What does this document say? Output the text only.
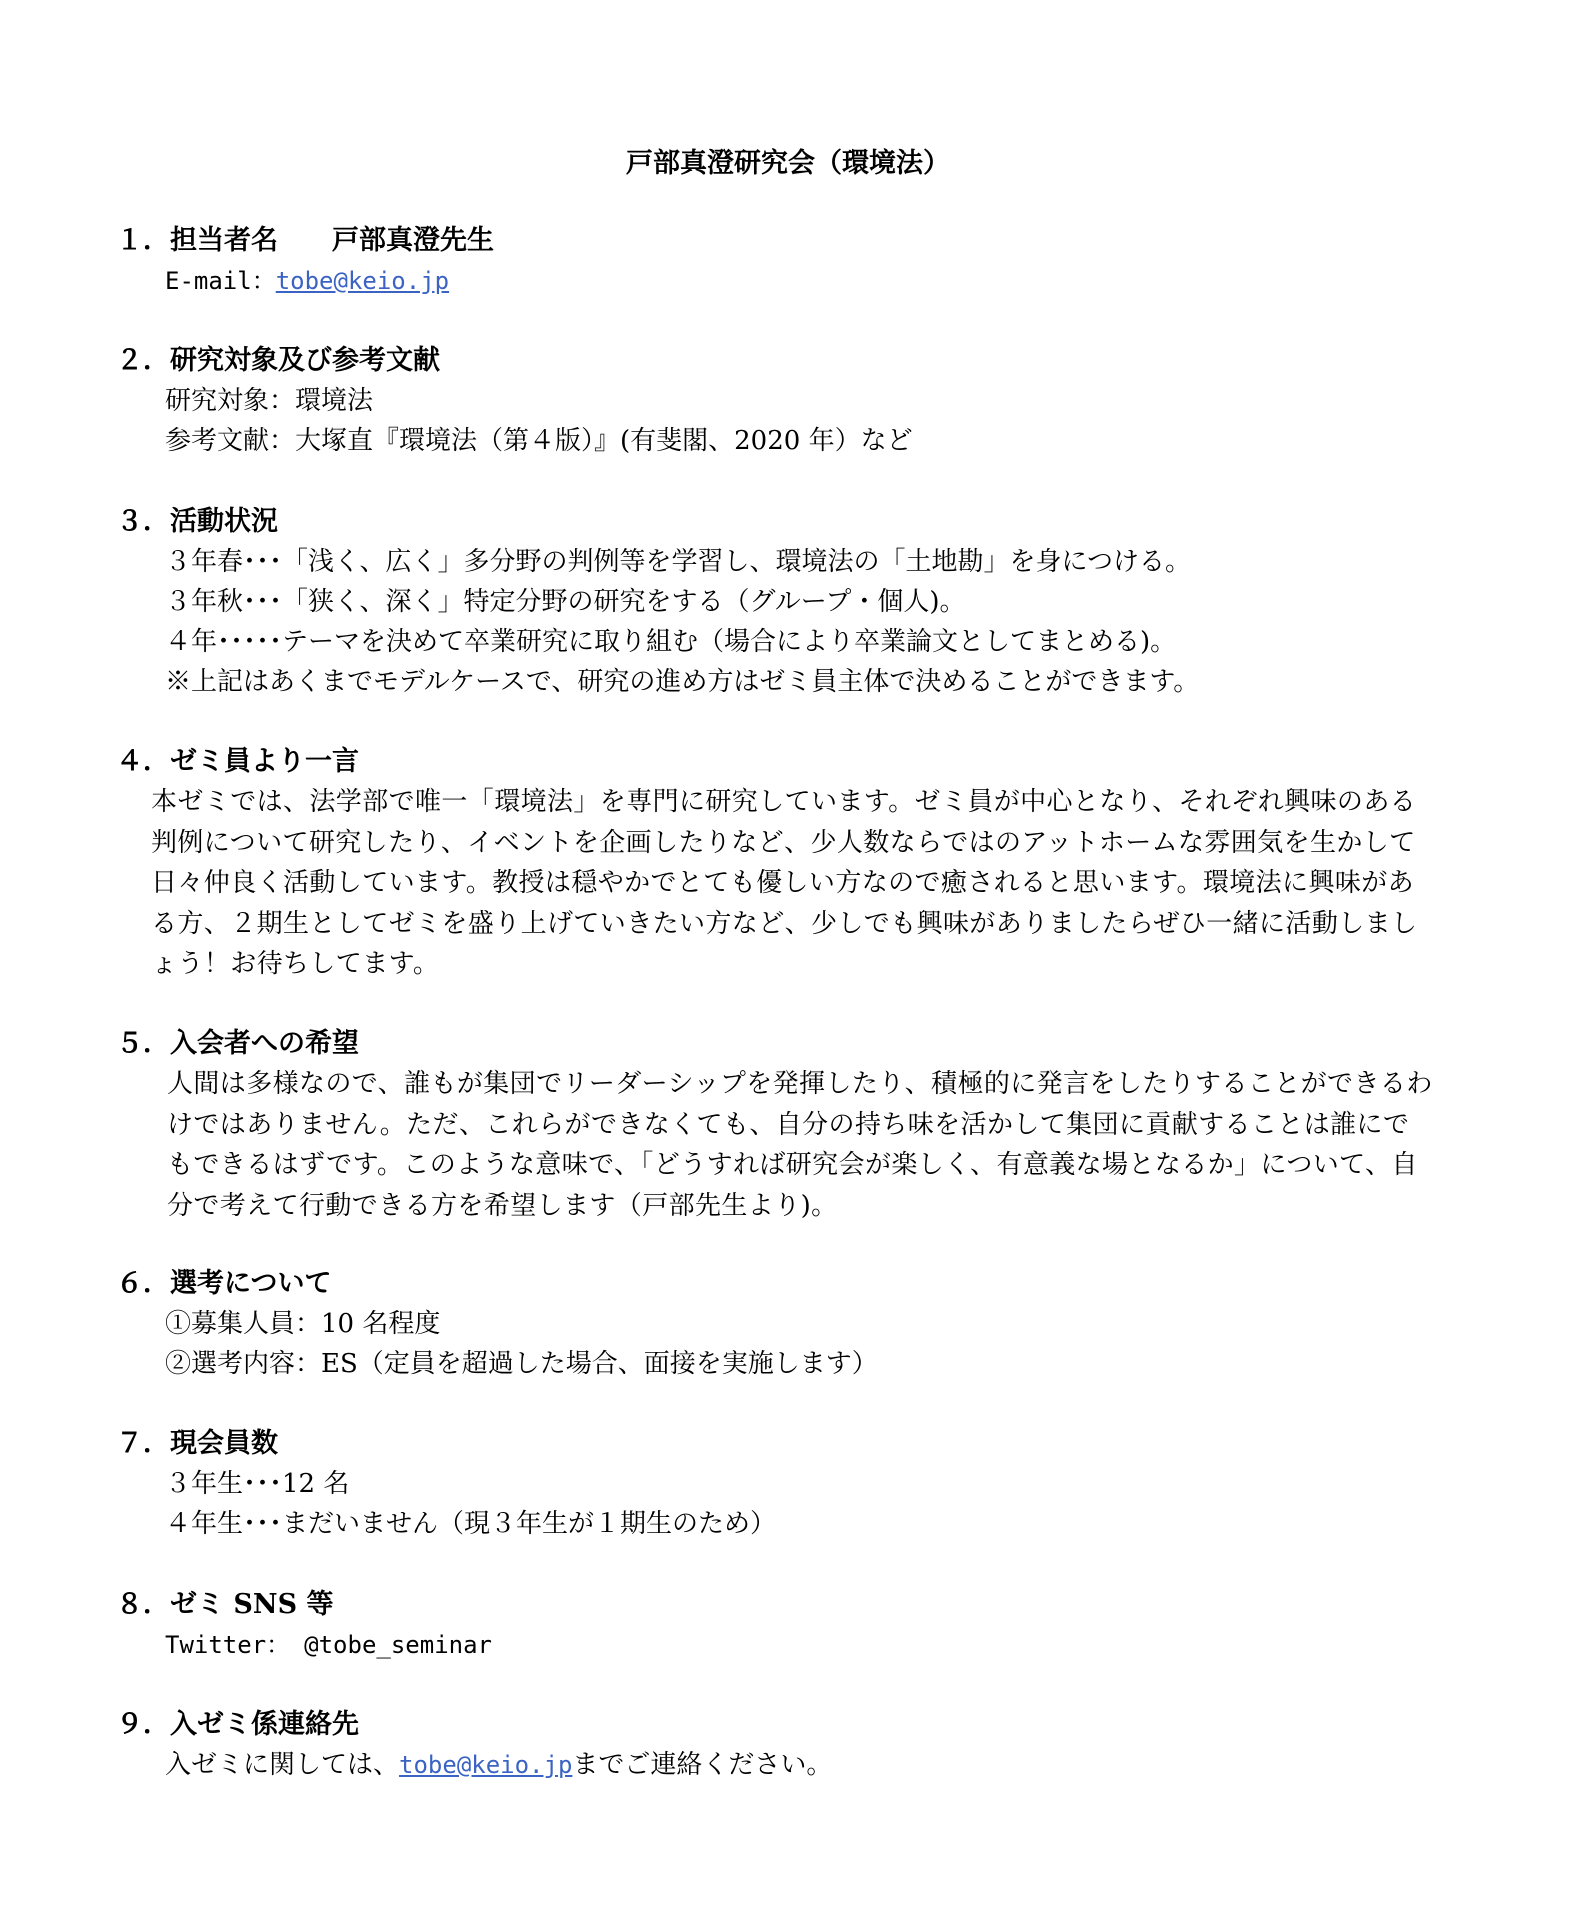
戸部真澄研究会（環境法）
１．担当者名　　戸部真澄先生
E-mail：tobe@keio.jp
２．研究対象及び参考文献
研究対象：環境法
参考文献：大塚直『環境法（第４版）』(有斐閣、2020 年）など
３．活動状況
３年春･･･「浅く、広く」多分野の判例等を学習し、環境法の「土地勘」を身につける。
３年秋･･･「狭く、深く」特定分野の研究をする（グループ・個人)。
４年･････テーマを決めて卒業研究に取り組む（場合により卒業論文としてまとめる)。
※上記はあくまでモデルケースで、研究の進め方はゼミ員主体で決めることができます。
４．ゼミ員より一言
本ゼミでは、法学部で唯一「環境法」を専門に研究しています。ゼミ員が中心となり、それぞれ興味のある
判例について研究したり、イベントを企画したりなど、少人数ならではのアットホームな雰囲気を生かして
日々仲良く活動しています。教授は穏やかでとても優しい方なので癒されると思います。環境法に興味があ
る方、２期生としてゼミを盛り上げていきたい方など、少しでも興味がありましたらぜひ一緒に活動しまし
ょう！お待ちしてます。
５．入会者への希望
人間は多様なので、誰もが集団でリーダーシップを発揮したり、積極的に発言をしたりすることができるわ
けではありません。ただ、これらができなくても、自分の持ち味を活かして集団に貢献することは誰にで
もできるはずです。このような意味で、「どうすれば研究会が楽しく、有意義な場となるか」について、自
分で考えて行動できる方を希望します（戸部先生より)。
６．選考について
①募集人員：10 名程度
②選考内容：ES（定員を超過した場合、面接を実施します）
７．現会員数
３年生･･･12 名
４年生･･･まだいません（現３年生が１期生のため）
８．ゼミ SNS 等
Twitter： @tobe_seminar
９．入ゼミ係連絡先
入ゼミに関しては、tobe@keio.jpまでご連絡ください。
